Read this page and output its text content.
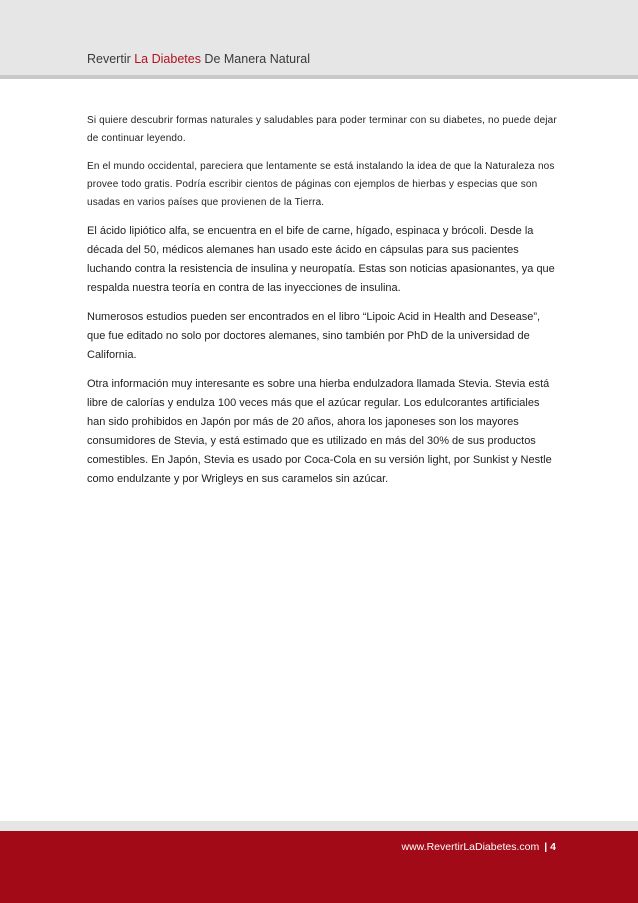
Revertir La Diabetes De Manera Natural

Si quiere descubrir formas naturales y saludables para poder terminar con su diabetes, no puede dejar de continuar leyendo.

En el mundo occidental, pareciera que lentamente se está instalando la idea de que la Naturaleza nos provee todo gratis. Podría escribir cientos de páginas con ejemplos de hierbas y especias que son usadas en varios países que provienen de la Tierra.

El ácido lipiótico alfa, se encuentra en el bife de carne, hígado, espinaca y brócoli. Desde la década del 50, médicos alemanes han usado este ácido en cápsulas para sus pacientes luchando contra la resistencia de insulina y neuropatía. Estas son noticias apasionantes, ya que respalda nuestra teoría en contra de las inyecciones de insulina.

Numerosos estudios pueden ser encontrados en el libro “Lipoic Acid in Health and Desease”, que fue editado no solo por doctores alemanes, sino también por PhD de la universidad de California.

Otra información muy interesante es sobre una hierba endulzadora llamada Stevia. Stevia está libre de calorías y endulza 100 veces más que el azúcar regular. Los edulcorantes artificiales han sido prohibidos en Japón por más de 20 años, ahora los japoneses son los mayores consumidores de Stevia, y está estimado que es utilizado en más del 30% de sus productos comestibles. En Japón, Stevia es usado por Coca-Cola en su versión light, por Sunkist y Nestle como endulzante y por Wrigleys en sus caramelos sin azúcar.

www.RevertirLaDiabetes.com | 4
